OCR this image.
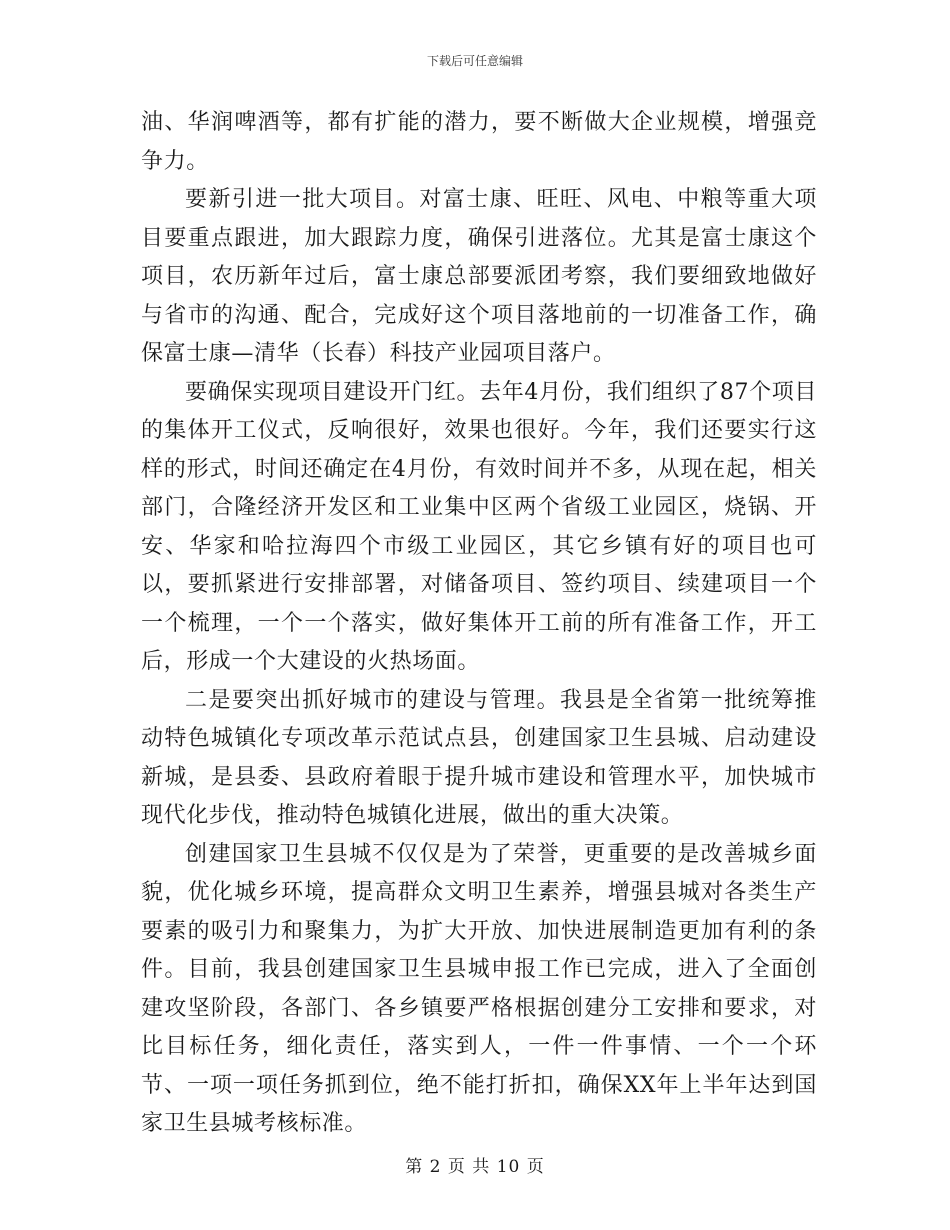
下载后可任意编辑

油、华润啤酒等，都有扩能的潜力，要不断做大企业规模，增强竞争力。

要新引进一批大项目。对富士康、旺旺、风电、中粮等重大项目要重点跟进，加大跟踪力度，确保引进落位。尤其是富士康这个项目，农历新年过后，富士康总部要派团考察，我们要细致地做好与省市的沟通、配合，完成好这个项目落地前的一切准备工作，确保富士康—清华（长春）科技产业园项目落户。

要确保实现项目建设开门红。去年4月份，我们组织了87个项目的集体开工仪式，反响很好，效果也很好。今年，我们还要实行这样的形式，时间还确定在4月份，有效时间并不多，从现在起，相关部门，合隆经济开发区和工业集中区两个省级工业园区，烧锅、开安、华家和哈拉海四个市级工业园区，其它乡镇有好的项目也可以，要抓紧进行安排部署，对储备项目、签约项目、续建项目一个一个梳理，一个一个落实，做好集体开工前的所有准备工作，开工后，形成一个大建设的火热场面。

二是要突出抓好城市的建设与管理。我县是全省第一批统筹推动特色城镇化专项改革示范试点县，创建国家卫生县城、启动建设新城，是县委、县政府着眼于提升城市建设和管理水平，加快城市现代化步伐，推动特色城镇化进展，做出的重大决策。

创建国家卫生县城不仅仅是为了荣誉，更重要的是改善城乡面貌，优化城乡环境，提高群众文明卫生素养，增强县城对各类生产要素的吸引力和聚集力，为扩大开放、加快进展制造更加有利的条件。目前，我县创建国家卫生县城申报工作已完成，进入了全面创建攻坚阶段，各部门、各乡镇要严格根据创建分工安排和要求，对比目标任务，细化责任，落实到人，一件一件事情、一个一个环节、一项一项任务抓到位，绝不能打折扣，确保XX年上半年达到国家卫生县城考核标准。

第 2 页 共 10 页
